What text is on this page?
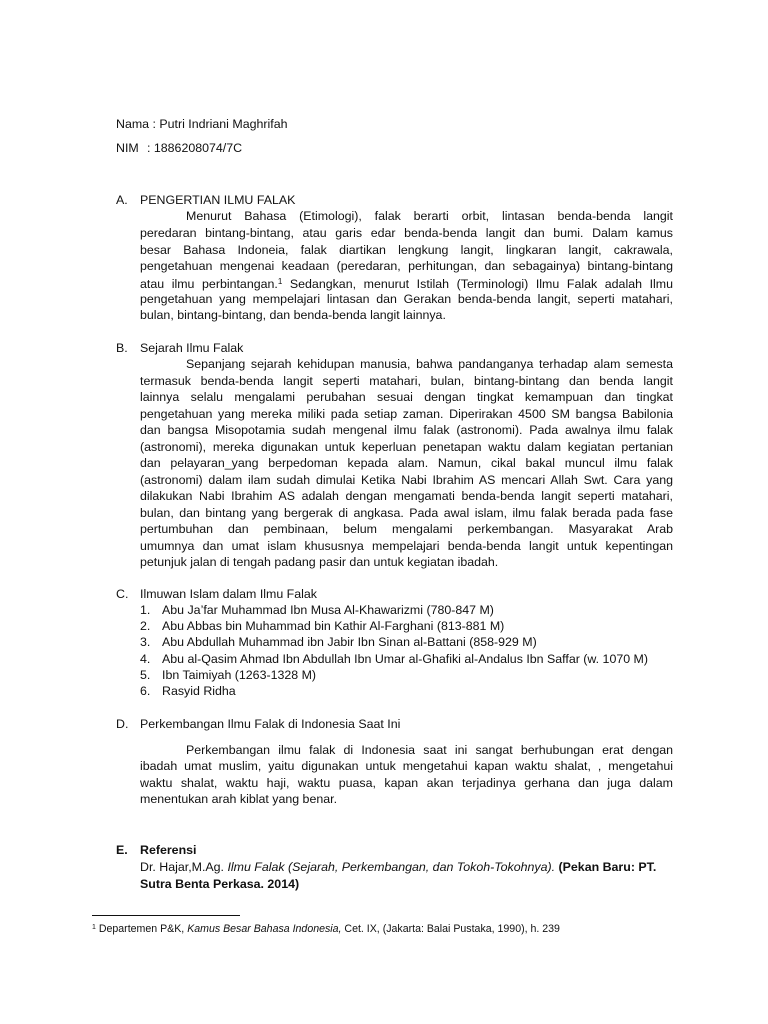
Nama : Putri Indriani Maghrifah
NIM : 1886208074/7C
A. PENGERTIAN ILMU FALAK
Menurut Bahasa (Etimologi), falak berarti orbit, lintasan benda-benda langit
peredaran bintang-bintang, atau garis edar benda-benda langit dan bumi. Dalam kamus
besar Bahasa Indoneia, falak diartikan lengkung langit, lingkaran langit, cakrawala,
pengetahuan mengenai keadaan (peredaran, perhitungan, dan sebagainya) bintang-bintang
atau ilmu perbintangan.$^1$ Sedangkan, menurut Istilah (Terminologi) Ilmu Falak adalah Ilmu
pengetahuan yang mempelajari lintasan dan Gerakan benda-benda langit, seperti matahari,
bulan, bintang-bintang, dan benda-benda langit lainnya.
B. Sejarah Ilmu Falak
Sepanjang sejarah kehidupan manusia, bahwa pandanganya terhadap alam semesta
termasuk benda-benda langit seperti matahari, bulan, bintang-bintang dan benda langit
lainnya selalu mengalami perubahan sesuai dengan tingkat kemampuan dan tingkat
pengetahuan yang mereka miliki pada setiap zaman. Diperirakan 4500 SM bangsa Babilonia
dan bangsa Misopotamia sudah mengenal ilmu falak (astronomi). Pada awalnya ilmu falak
(astronomi), mereka digunakan untuk keperluan penetapan waktu dalam kegiatan pertanian
dan pelayaran_yang berpedoman kepada alam. Namun, cikal bakal muncul ilmu falak
(astronomi) dalam ilam sudah dimulai Ketika Nabi Ibrahim AS mencari Allah Swt. Cara yang
dilakukan Nabi Ibrahim AS adalah dengan mengamati benda-benda langit seperti matahari,
bulan, dan bintang yang bergerak di angkasa. Pada awal islam, ilmu falak berada pada fase
pertumbuhan dan pembinaan, belum mengalami perkembangan. Masyarakat Arab
umumnya dan umat islam khususnya mempelajari benda-benda langit untuk kepentingan
petunjuk jalan di tengah padang pasir dan untuk kegiatan ibadah.
C. Ilmuwan Islam dalam Ilmu Falak
1. Abu Ja’far Muhammad Ibn Musa Al-Khawarizmi (780-847 M)
2. Abu Abbas bin Muhammad bin Kathir Al-Farghani (813-881 M)
3. Abu Abdullah Muhammad ibn Jabir Ibn Sinan al-Battani (858-929 M)
4. Abu al-Qasim Ahmad Ibn Abdullah Ibn Umar al-Ghafiki al-Andalus Ibn Saffar (w. 1070 M)
5. Ibn Taimiyah (1263-1328 M)
6. Rasyid Ridha
D. Perkembangan Ilmu Falak di Indonesia Saat Ini
Perkembangan ilmu falak di Indonesia saat ini sangat berhubungan erat dengan
ibadah umat muslim, yaitu digunakan untuk mengetahui kapan waktu shalat, , mengetahui
waktu shalat, waktu haji, waktu puasa, kapan akan terjadinya gerhana dan juga dalam
menentukan arah kiblat yang benar.
E. Referensi
Dr. Hajar,M.Ag. Ilmu Falak (Sejarah, Perkembangan, dan Tokoh-Tokohnya). (Pekan Baru: PT.
Sutra Benta Perkasa. 2014)
$^1$ Departemen P&K, Kamus Besar Bahasa Indonesia, Cet. IX, (Jakarta: Balai Pustaka, 1990), h. 239
